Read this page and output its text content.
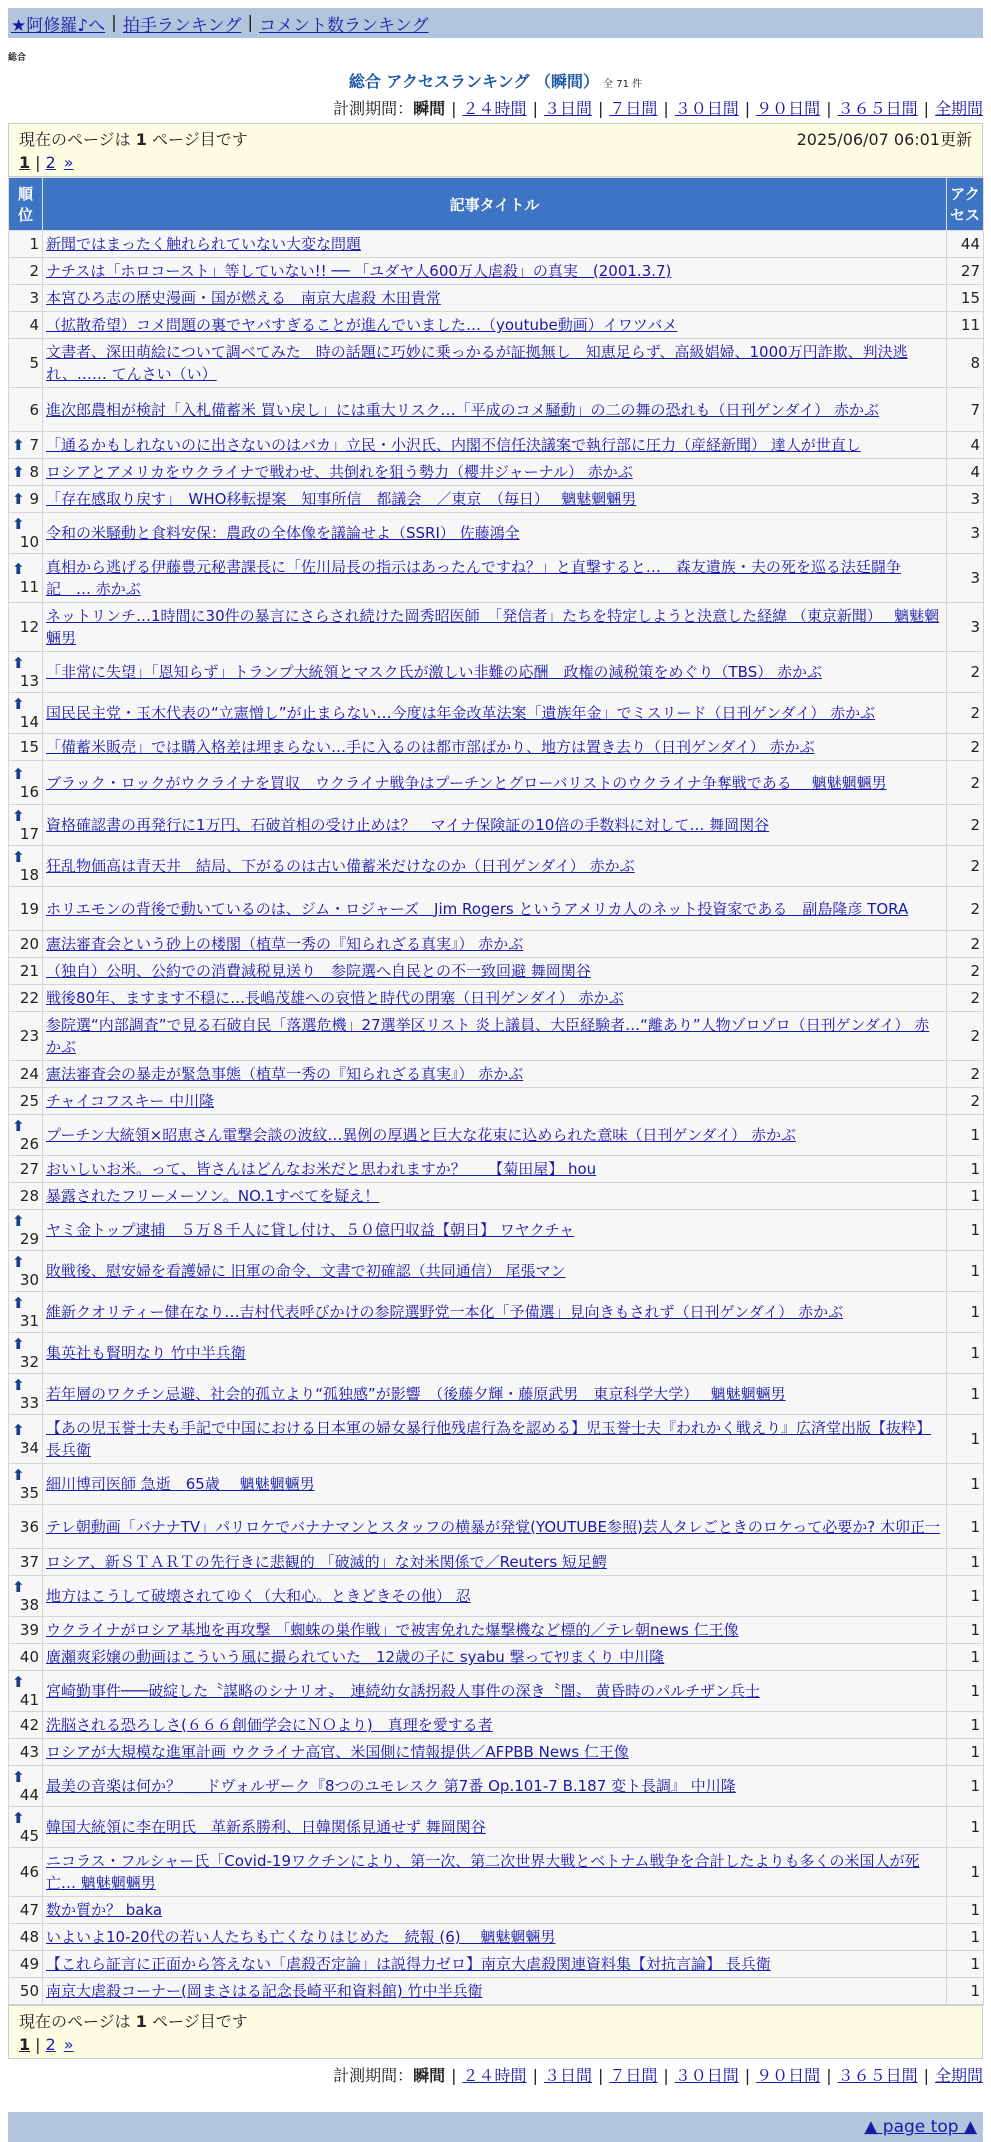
★阿修羅♪へ | 拍手ランキング | コメント数ランキング
総合
総合 アクセスランキング （瞬間） 全 71 件
計測期間：瞬間 | ２４時間 | ３日間 | ７日間 | ３０日間 | ９０日間 | ３６５日間 | 全期間
現在のページは 1 ページ目です	2025/06/07 06:01更新
1 | 2 »
順位	記事タイトル	アクセス
1	新聞ではまったく触れられていない大変な問題	44
2	ナチスは「ホロコースト」等していない!! ── 「ユダヤ人600万人虐殺」の真実　(2001.3.7)	27
3	本宮ひろ志の歴史漫画・国が燃える　南京大虐殺 木田貴常	15
4	（拡散希望）コメ問題の裏でヤバすぎることが進んでいました…（youtube動画）イワツバメ	11
5	文書者、深田萌絵について調べてみた　時の話題に巧妙に乗っかるが証拠無し　知恵足らず、高級娼婦、1000万円詐欺、判決逃れ、…… てんさい（い）	8
6	進次郎農相が検討「入札備蓄米 買い戻し」には重大リスク…「平成のコメ騒動」の二の舞の恐れも（日刊ゲンダイ） 赤かぶ	7

⬆ 7	「通るかもしれないのに出さないのはバカ」立民・小沢氏、内閣不信任決議案で執行部に圧力（産経新聞） 達人が世直し	4

⬆ 8	ロシアとアメリカをウクライナで戦わせ、共倒れを狙う勢力（櫻井ジャーナル） 赤かぶ	4

⬆ 9	「存在感取り戻す」　WHO移転提案　知事所信　都議会　／東京　（毎日）　 魑魅魍魎男	3

⬆
10	令和の米騒動と食料安保：農政の全体像を議論せよ（SSRI） 佐藤鴻全	3

⬆
11	真相から逃げる伊藤豊元秘書課長に「佐川局長の指示はあったんですね？」と直撃すると…　森友遺族・夫の死を巡る法廷闘争記　… 赤かぶ	3
12	ネットリンチ…1時間に30件の暴言にさらされ続けた岡秀昭医師　「発信者」たちを特定しようと決意した経緯 （東京新聞）　 魑魅魍魎男	3

⬆
13	「非常に失望」「恩知らず」トランプ大統領とマスク氏が激しい非難の応酬　政権の減税策をめぐり（TBS） 赤かぶ	2

⬆
14	国民民主党・玉木代表の“立憲憎し”が止まらない…今度は年金改革法案「遺族年金」でミスリード（日刊ゲンダイ） 赤かぶ	2
15	「備蓄米販売」では購入格差は埋まらない…手に入るのは都市部ばかり、地方は置き去り（日刊ゲンダイ） 赤かぶ	2

⬆
16	ブラック・ロックがウクライナを買収　ウクライナ戦争はプーチンとグローバリストのウクライナ争奪戦である　 魑魅魍魎男	2

⬆
17	資格確認書の再発行に1万円、石破首相の受け止めは？　マイナ保険証の10倍の手数料に対して… 舞岡関谷	2

⬆
18	狂乱物価高は青天井　結局、下がるのは古い備蓄米だけなのか（日刊ゲンダイ） 赤かぶ	2
19	ホリエモンの背後で動いているのは、ジム・ロジャーズ　Jim Rogers というアメリカ人のネット投資家である　副島隆彦 TORA	2
20	憲法審査会という砂上の楼閣（植草一秀の『知られざる真実』） 赤かぶ	2
21	（独自）公明、公約での消費減税見送り　参院選へ自民との不一致回避 舞岡関谷	2
22	戦後80年、ますます不穏に…長嶋茂雄への哀惜と時代の閉塞（日刊ゲンダイ） 赤かぶ	2
23	参院選“内部調査”で見る石破自民「落選危機」27選挙区リスト 炎上議員、大臣経験者…“離あり”人物ゾロゾロ（日刊ゲンダイ） 赤かぶ	2
24	憲法審査会の暴走が緊急事態（植草一秀の『知られざる真実』） 赤かぶ	2
25	チャイコフスキー 中川隆	2

⬆
26	プーチン大統領×昭恵さん電撃会談の波紋…異例の厚遇と巨大な花束に込められた意味（日刊ゲンダイ） 赤かぶ	1
27	おいしいお米。って、皆さんはどんなお米だと思われますか？　　【菊田屋】 hou	1
28	暴露されたフリーメーソン。NO.1すべてを疑え！	1

⬆
29	ヤミ金トップ逮捕　５万８千人に貸し付け、５０億円収益【朝日】 ワヤクチャ	1

⬆
30	敗戦後、慰安婦を看護婦に 旧軍の命令、文書で初確認（共同通信） 尾張マン	1

⬆
31	維新クオリティー健在なり…吉村代表呼びかけの参院選野党一本化「予備選」見向きもされず（日刊ゲンダイ） 赤かぶ	1

⬆
32	集英社も賢明なり 竹中半兵衛	1

⬆
33	若年層のワクチン忌避、社会的孤立より“孤独感”が影響　（後藤夕輝・藤原武男　東京科学大学）　 魑魅魍魎男	1

⬆
34	【あの児玉誉士夫も手記で中国における日本軍の婦女暴行他残虐行為を認める】児玉誉士夫『われかく戦えり』広済堂出版【抜粋】 長兵衛	1

⬆
35	細川博司医師 急逝　65歳　 魑魅魍魎男	1
36	テレ朝動画「バナナTV」パリロケでバナナマンとスタッフの横暴が発覚(YOUTUBE参照)芸人タレごときのロケって必要か? 木卯正一	1
37	ロシア、新ＳＴＡＲＴの先行きに悲観的 「破滅的」な対米関係で／Reuters 短足鰐	1

⬆
38	地方はこうして破壊されてゆく（大和心。ときどきその他） 忍	1
39	ウクライナがロシア基地を再攻撃 「蜘蛛の巣作戦」で被害免れた爆撃機など標的／テレ朝news 仁王像	1
40	廣瀬爽彩嬢の動画はこういう風に撮られていた＿12歳の子に syabu 撃ってﾔﾘまくり 中川隆	1

⬆
41	宮崎勤事件───破綻した〝謀略のシナリオ〟　連続幼女誘拐殺人事件の深き〝闇〟 黄昏時のパルチザン兵士	1
42	洗脳される恐ろしさ(６６６創価学会にＮＯより)　真理を愛する者	1
43	ロシアが大規模な進軍計画 ウクライナ高官、米国側に情報提供／AFPBB News 仁王像	1

⬆
44	最美の音楽は何か？ ＿ ドヴォルザーク『8つのユモレスク 第7番 Op.101-7 B.187 変ト長調』 中川隆	1

⬆
45	韓国大統領に李在明氏　革新系勝利、日韓関係見通せず 舞岡関谷	1
46	ニコラス・フルシャー氏「Covid-19ワクチンにより、第一次、第二次世界大戦とベトナム戦争を合計したよりも多くの米国人が死亡… 魑魅魍魎男	1
47	数か質か？ baka	1
48	いよいよ10-20代の若い人たちも亡くなりはじめた　続報 (6)　 魑魅魍魎男	1
49	【これら証言に正面から答えない「虐殺否定論」は説得力ゼロ】南京大虐殺関連資料集【対抗言論】 長兵衛	1
50	南京大虐殺コーナー(岡まさはる記念長崎平和資料館) 竹中半兵衛	1
現在のページは 1 ページ目です
1 | 2 »
計測期間：瞬間 | ２４時間 | ３日間 | ７日間 | ３０日間 | ９０日間 | ３６５日間 | 全期間
▲ page top ▲
